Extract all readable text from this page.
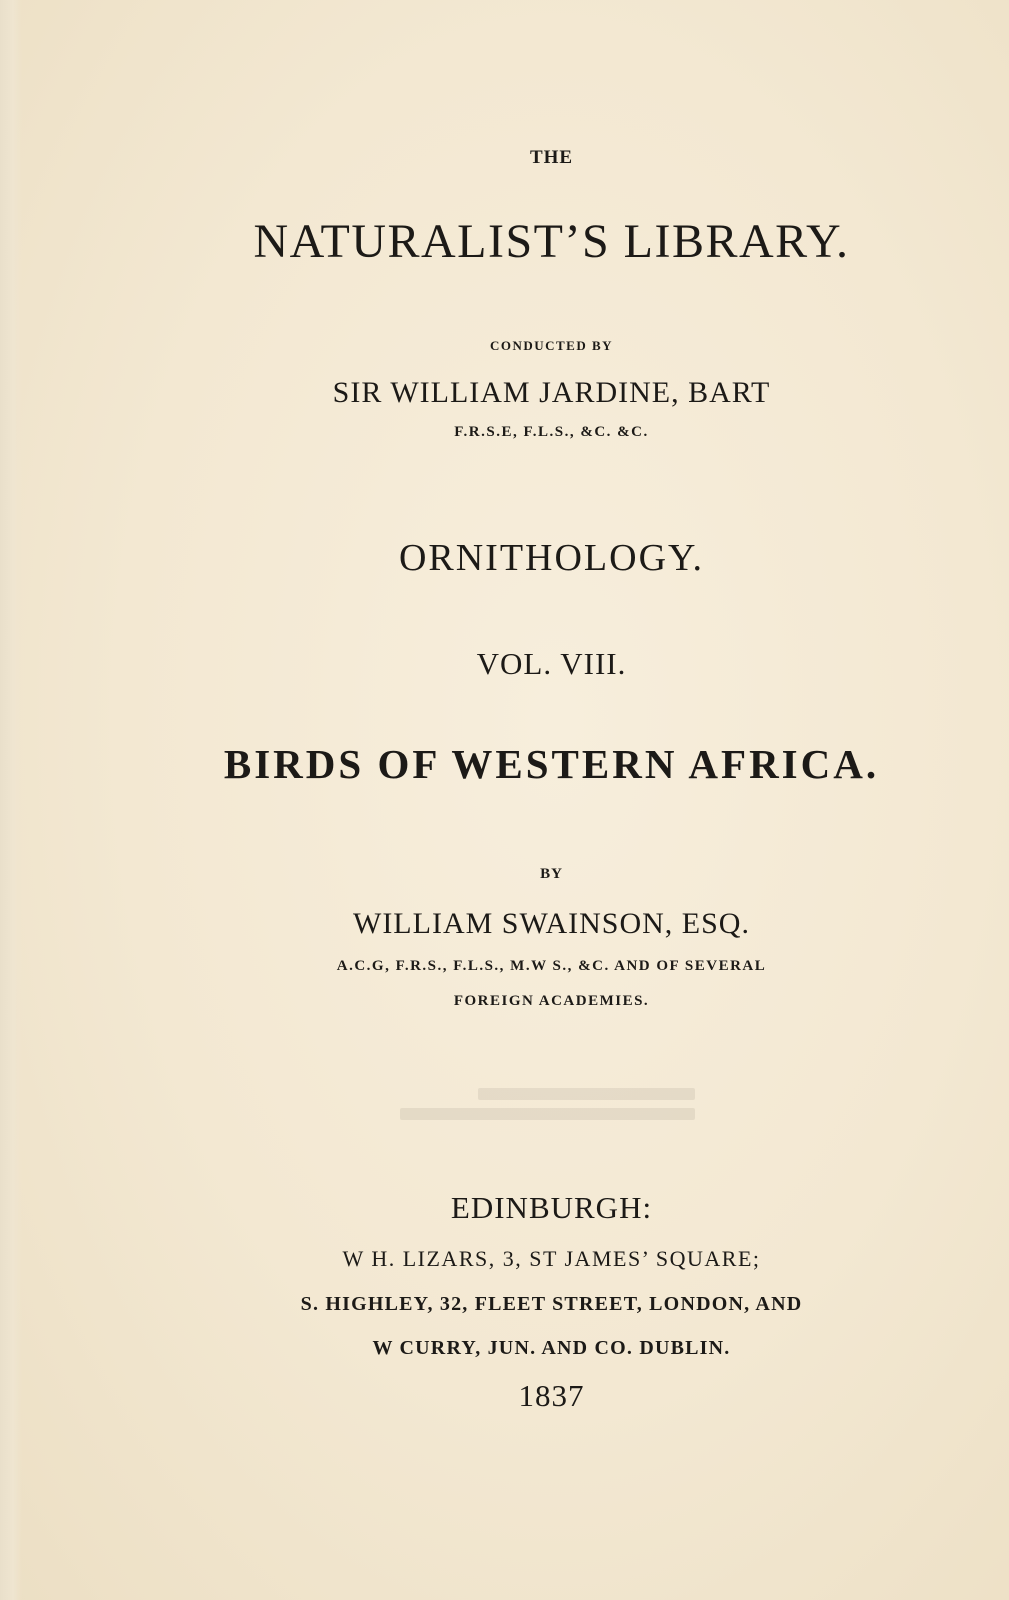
THE

NATURALIST’S LIBRARY.

CONDUCTED BY

SIR WILLIAM JARDINE, BART

F.R.S.E, F.L.S., &C. &C.

ORNITHOLOGY.

VOL. VIII.

BIRDS OF WESTERN AFRICA.

BY

WILLIAM SWAINSON, ESQ.

A.C.G, F.R.S., F.L.S., M.W S., &C. AND OF SEVERAL

FOREIGN ACADEMIES.

EDINBURGH:

W H. LIZARS, 3, ST JAMES’ SQUARE;

S. HIGHLEY, 32, FLEET STREET, LONDON, AND

W CURRY, JUN. AND CO. DUBLIN.

1837
